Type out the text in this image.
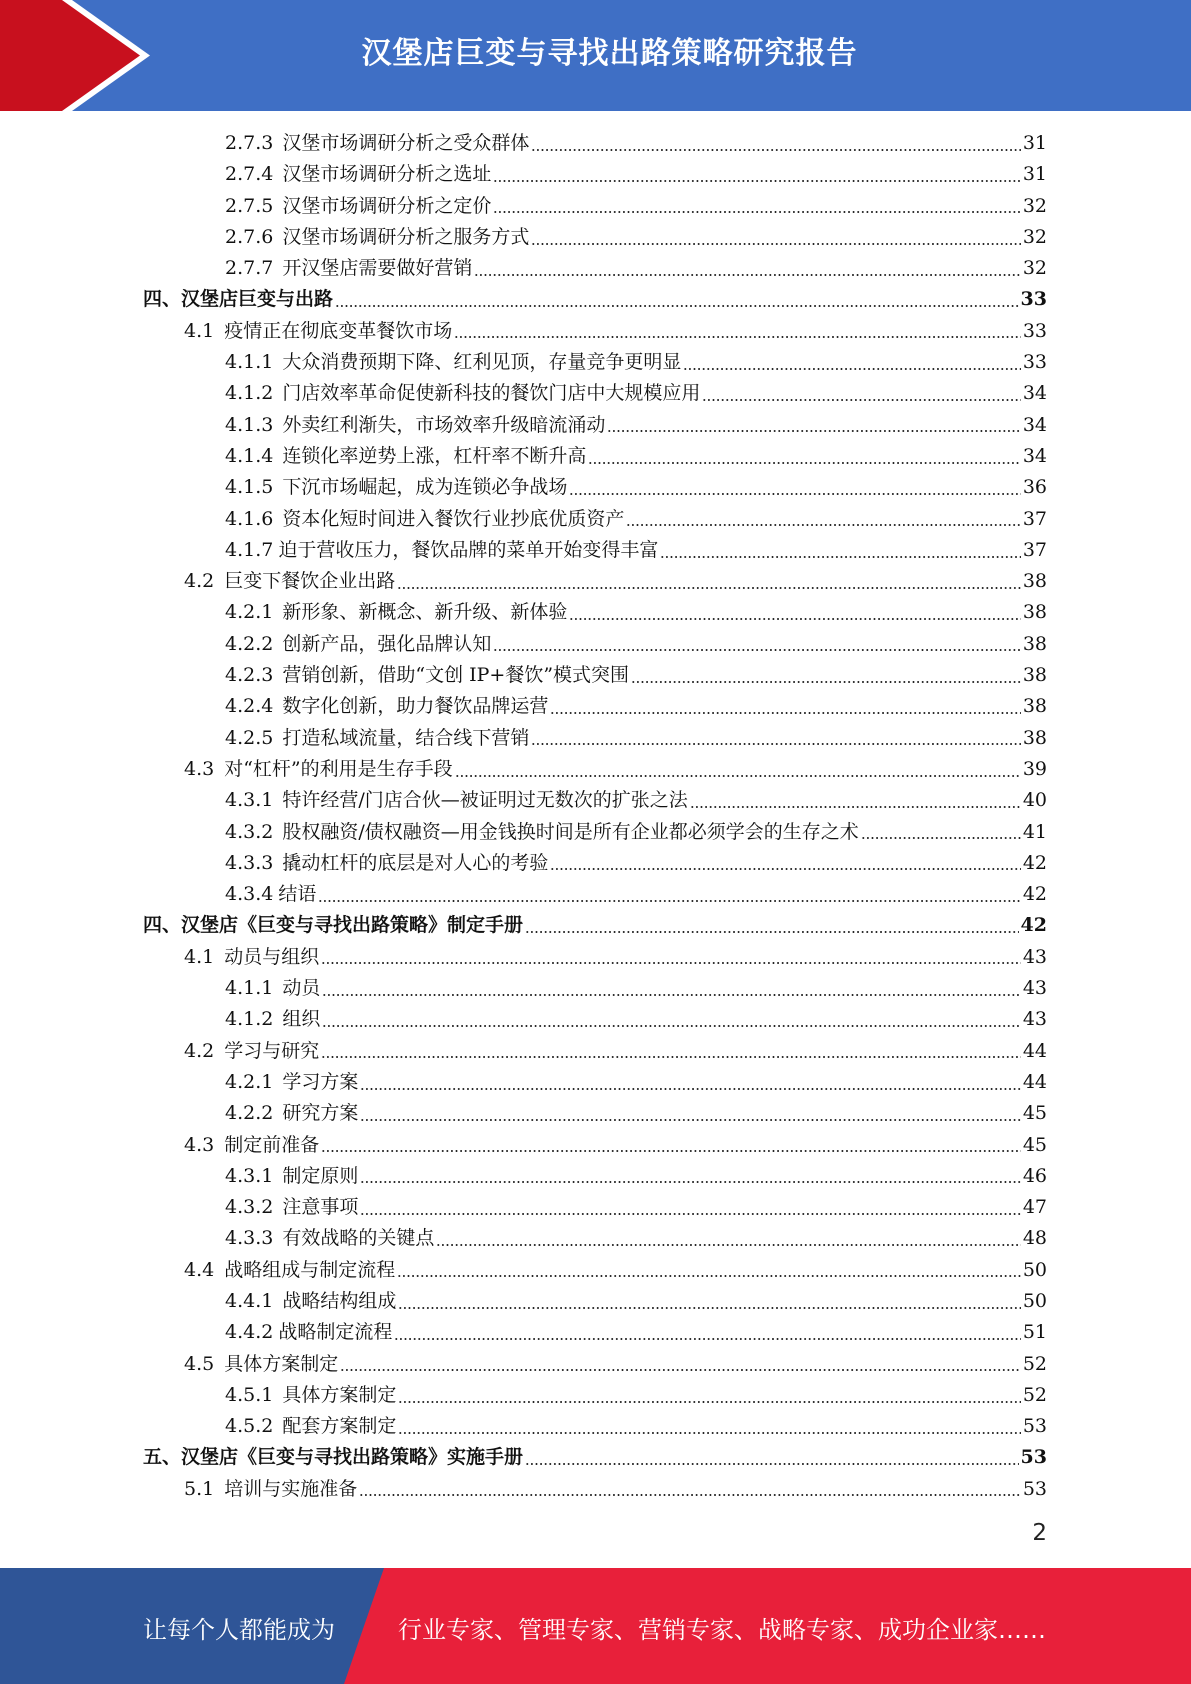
汉堡店巨变与寻找出路策略研究报告
2.7.3 汉堡市场调研分析之受众群体	31
2.7.4 汉堡市场调研分析之选址	31
2.7.5 汉堡市场调研分析之定价	32
2.7.6 汉堡市场调研分析之服务方式	32
2.7.7 开汉堡店需要做好营销	32
四、汉堡店巨变与出路	33
4.1 疫情正在彻底变革餐饮市场	33
4.1.1 大众消费预期下降、红利见顶，存量竞争更明显	33
4.1.2 门店效率革命促使新科技的餐饮门店中大规模应用	34
4.1.3 外卖红利渐失，市场效率升级暗流涌动	34
4.1.4 连锁化率逆势上涨，杠杆率不断升高	34
4.1.5 下沉市场崛起，成为连锁必争战场	36
4.1.6 资本化短时间进入餐饮行业抄底优质资产	37
4.1.7 迫于营收压力，餐饮品牌的菜单开始变得丰富	37
4.2 巨变下餐饮企业出路	38
4.2.1 新形象、新概念、新升级、新体验	38
4.2.2 创新产品，强化品牌认知	38
4.2.3 营销创新，借助“文创 IP+餐饮”模式突围	38
4.2.4 数字化创新，助力餐饮品牌运营	38
4.2.5 打造私域流量，结合线下营销	38
4.3 对“杠杆”的利用是生存手段	39
4.3.1 特许经营/门店合伙—被证明过无数次的扩张之法	40
4.3.2 股权融资/债权融资—用金钱换时间是所有企业都必须学会的生存之术	41
4.3.3 撬动杠杆的底层是对人心的考验	42
4.3.4 结语	42
四、汉堡店《巨变与寻找出路策略》制定手册	42
4.1 动员与组织	43
4.1.1 动员	43
4.1.2 组织	43
4.2 学习与研究	44
4.2.1 学习方案	44
4.2.2 研究方案	45
4.3 制定前准备	45
4.3.1 制定原则	46
4.3.2 注意事项	47
4.3.3 有效战略的关键点	48
4.4 战略组成与制定流程	50
4.4.1 战略结构组成	50
4.4.2 战略制定流程	51
4.5 具体方案制定	52
4.5.1 具体方案制定	52
4.5.2 配套方案制定	53
五、汉堡店《巨变与寻找出路策略》实施手册	53
5.1 培训与实施准备	53
2
让每个人都能成为	行业专家、管理专家、营销专家、战略专家、成功企业家……
